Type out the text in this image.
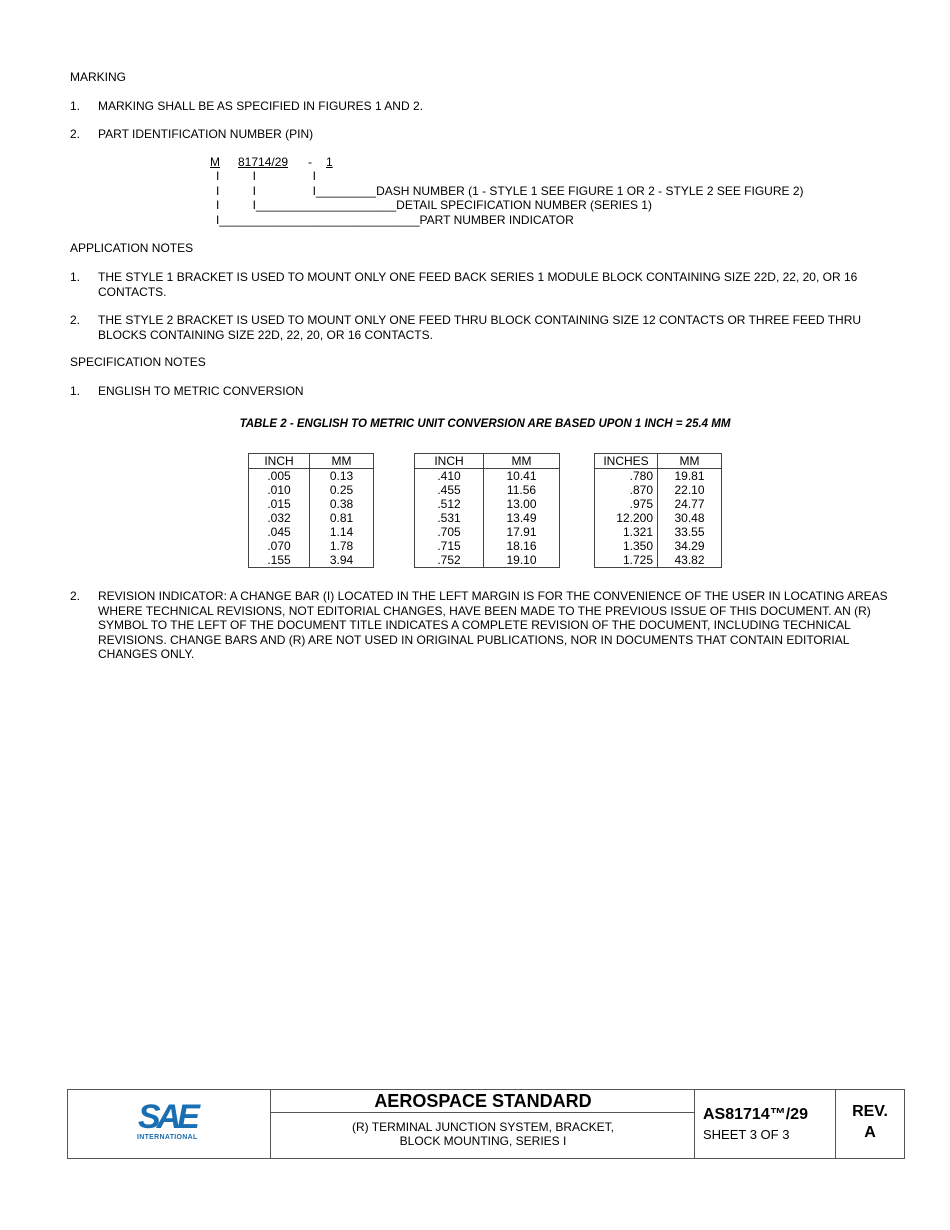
MARKING
1. MARKING SHALL BE AS SPECIFIED IN FIGURES 1 AND 2.
2. PART IDENTIFICATION NUMBER (PIN)
M 81714/29 - 1
I          I                 I
I          I                 I_________DASH NUMBER (1 - STYLE 1 SEE FIGURE 1 OR 2 - STYLE 2 SEE FIGURE 2)
I          I_____________________DETAIL SPECIFICATION NUMBER (SERIES 1)
I______________________________PART NUMBER INDICATOR
APPLICATION NOTES
1. THE STYLE 1 BRACKET IS USED TO MOUNT ONLY ONE FEED BACK SERIES 1 MODULE BLOCK CONTAINING SIZE 22D, 22, 20, OR 16 CONTACTS.
2. THE STYLE 2 BRACKET IS USED TO MOUNT ONLY ONE FEED THRU BLOCK CONTAINING SIZE 12 CONTACTS OR THREE FEED THRU BLOCKS CONTAINING SIZE 22D, 22, 20, OR 16 CONTACTS.
SPECIFICATION NOTES
1. ENGLISH TO METRIC CONVERSION
TABLE 2 - ENGLISH TO METRIC UNIT CONVERSION ARE BASED UPON 1 INCH = 25.4 MM
INCH	MM
.005	0.13
.010	0.25
.015	0.38
.032	0.81
.045	1.14
.070	1.78
.155	3.94
INCH	MM
.410	10.41
.455	11.56
.512	13.00
.531	13.49
.705	17.91
.715	18.16
.752	19.10
INCHES	MM
.780	19.81
.870	22.10
.975	24.77
12.200	30.48
1.321	33.55
1.350	34.29
1.725	43.82
2. REVISION INDICATOR: A CHANGE BAR (I) LOCATED IN THE LEFT MARGIN IS FOR THE CONVENIENCE OF THE USER IN LOCATING AREAS WHERE TECHNICAL REVISIONS, NOT EDITORIAL CHANGES, HAVE BEEN MADE TO THE PREVIOUS ISSUE OF THIS DOCUMENT. AN (R) SYMBOL TO THE LEFT OF THE DOCUMENT TITLE INDICATES A COMPLETE REVISION OF THE DOCUMENT, INCLUDING TECHNICAL REVISIONS. CHANGE BARS AND (R) ARE NOT USED IN ORIGINAL PUBLICATIONS, NOR IN DOCUMENTS THAT CONTAIN EDITORIAL CHANGES ONLY.
SAE
INTERNATIONAL
AEROSPACE STANDARD
(R) TERMINAL JUNCTION SYSTEM, BRACKET,
BLOCK MOUNTING, SERIES I
AS81714™/29
SHEET 3 OF 3
REV.
A
